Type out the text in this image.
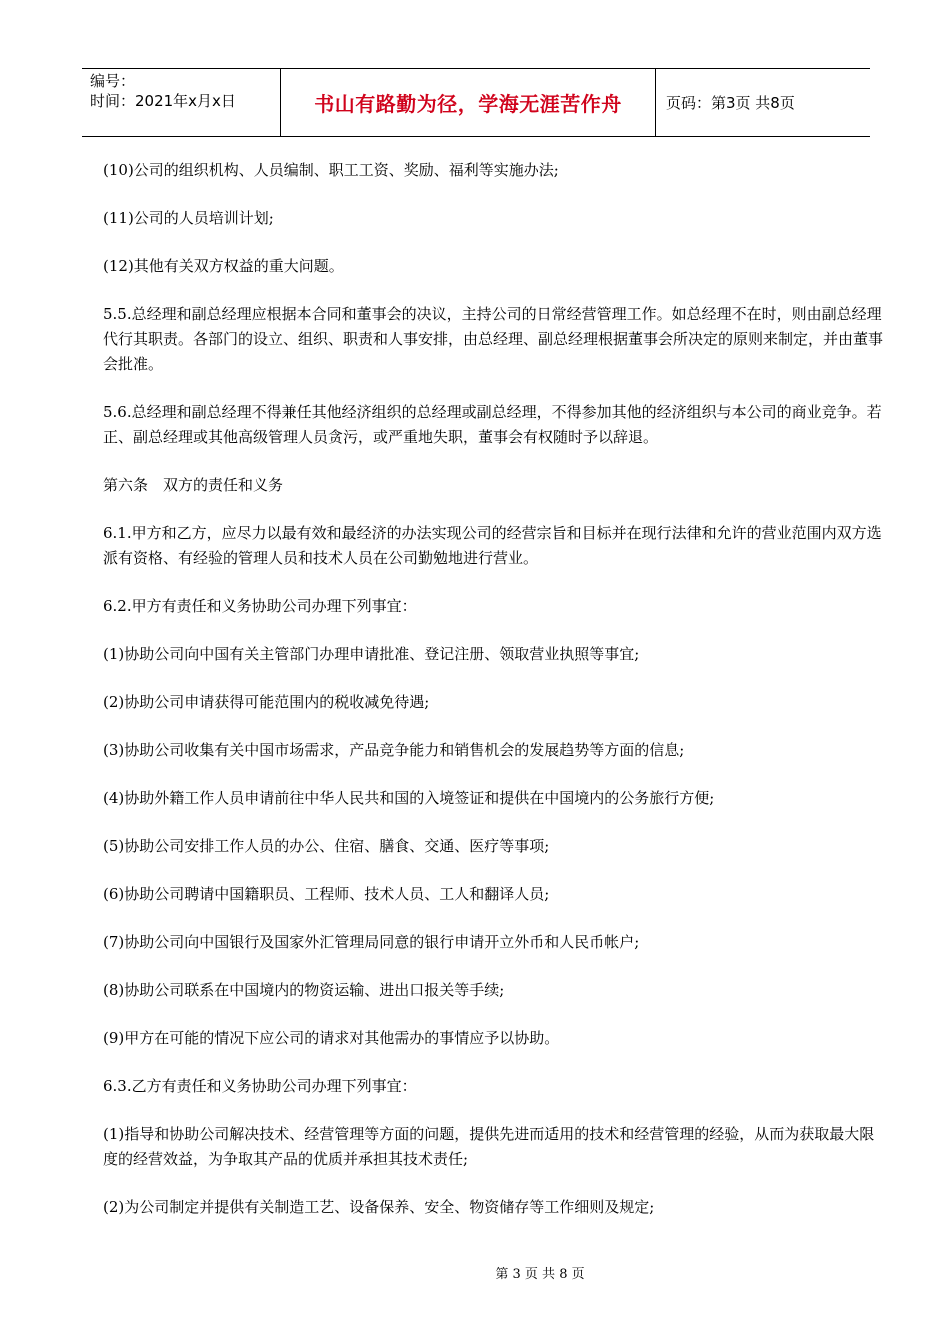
编号：
时间：2021年x月x日	书山有路勤为径，学海无涯苦作舟	页码：第3页 共8页

(10)公司的组织机构、人员编制、职工工资、奖励、福利等实施办法;

(11)公司的人员培训计划;

(12)其他有关双方权益的重大问题。

5.5.总经理和副总经理应根据本合同和董事会的决议，主持公司的日常经营管理工作。如总经理不在时，则由副总经理代行其职责。各部门的设立、组织、职责和人事安排，由总经理、副总经理根据董事会所决定的原则来制定，并由董事会批准。

5.6.总经理和副总经理不得兼任其他经济组织的总经理或副总经理，不得参加其他的经济组织与本公司的商业竞争。若正、副总经理或其他高级管理人员贪污，或严重地失职，董事会有权随时予以辞退。

第六条　双方的责任和义务

6.1.甲方和乙方，应尽力以最有效和最经济的办法实现公司的经营宗旨和目标并在现行法律和允许的营业范围内双方选派有资格、有经验的管理人员和技术人员在公司勤勉地进行营业。

6.2.甲方有责任和义务协助公司办理下列事宜：

(1)协助公司向中国有关主管部门办理申请批准、登记注册、领取营业执照等事宜;

(2)协助公司申请获得可能范围内的税收减免待遇;

(3)协助公司收集有关中国市场需求，产品竞争能力和销售机会的发展趋势等方面的信息;

(4)协助外籍工作人员申请前往中华人民共和国的入境签证和提供在中国境内的公务旅行方便;

(5)协助公司安排工作人员的办公、住宿、膳食、交通、医疗等事项;

(6)协助公司聘请中国籍职员、工程师、技术人员、工人和翻译人员;

(7)协助公司向中国银行及国家外汇管理局同意的银行申请开立外币和人民币帐户;

(8)协助公司联系在中国境内的物资运输、进出口报关等手续;

(9)甲方在可能的情况下应公司的请求对其他需办的事情应予以协助。

6.3.乙方有责任和义务协助公司办理下列事宜：

(1)指导和协助公司解决技术、经营管理等方面的问题，提供先进而适用的技术和经营管理的经验，从而为获取最大限度的经营效益，为争取其产品的优质并承担其技术责任;

(2)为公司制定并提供有关制造工艺、设备保养、安全、物资储存等工作细则及规定;

第 3 页 共 8 页
